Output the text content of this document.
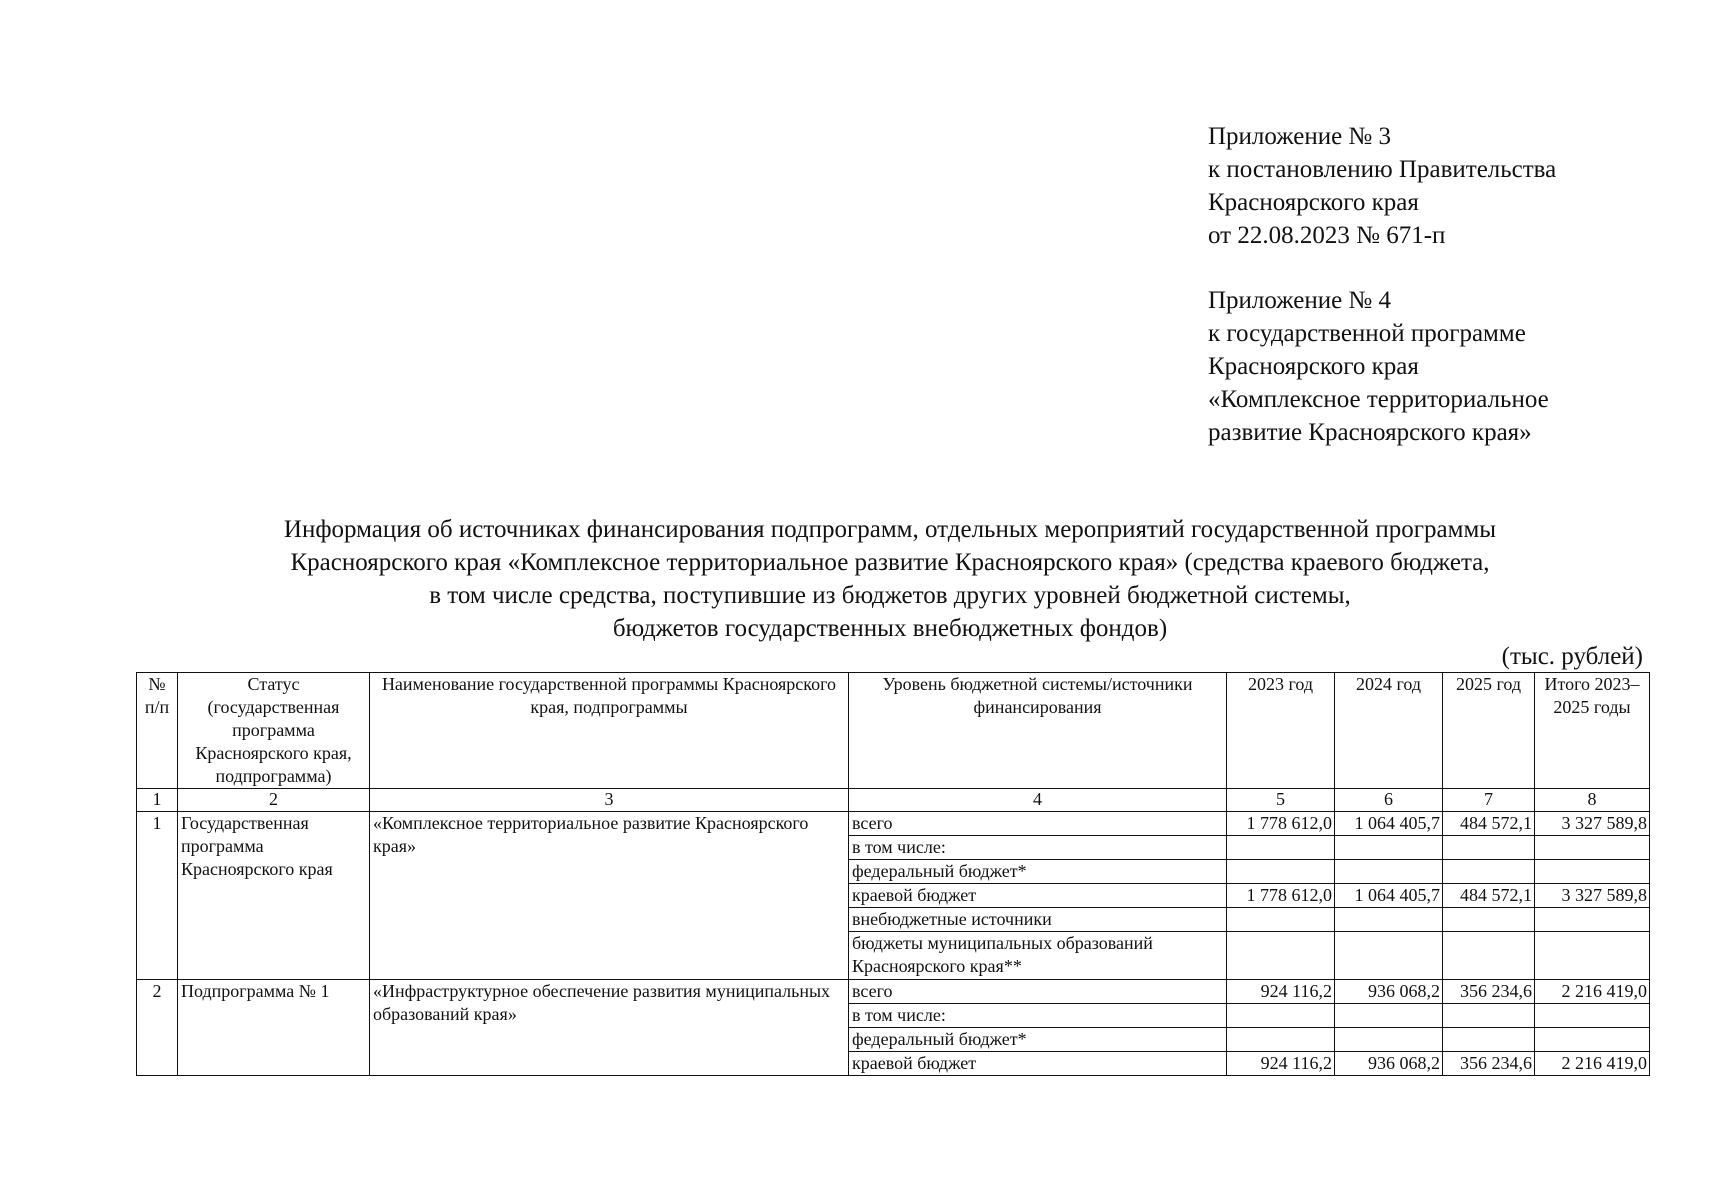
Приложение № 3
к постановлению Правительства
Красноярского края
от 22.08.2023 № 671-п
Приложение № 4
к государственной программе
Красноярского края
«Комплексное территориальное
развитие Красноярского края»
Информация об источниках финансирования подпрограмм, отдельных мероприятий государственной программы
Красноярского края «Комплексное территориальное развитие Красноярского края» (средства краевого бюджета,
в том числе средства, поступившие из бюджетов других уровней бюджетной системы,
бюджетов государственных внебюджетных фондов)
(тыс. рублей)
№ п/п	Статус (государственная программа Красноярского края, подпрограмма)	Наименование государственной программы Красноярского края, подпрограммы	Уровень бюджетной системы/источники финансирования	2023 год	2024 год	2025 год	Итого 2023–2025 годы
1	2	3	4	5	6	7	8
1	Государственная программа Красноярского края	«Комплексное территориальное развитие Красноярского края»	всего	1 778 612,0	1 064 405,7	484 572,1	3 327 589,8
			в том числе:				
			федеральный бюджет*				
			краевой бюджет	1 778 612,0	1 064 405,7	484 572,1	3 327 589,8
			внебюджетные источники				
			бюджеты муниципальных образований Красноярского края**				
2	Подпрограмма № 1	«Инфраструктурное обеспечение развития муниципальных образований края»	всего	924 116,2	936 068,2	356 234,6	2 216 419,0
			в том числе:				
			федеральный бюджет*				
			краевой бюджет	924 116,2	936 068,2	356 234,6	2 216 419,0
